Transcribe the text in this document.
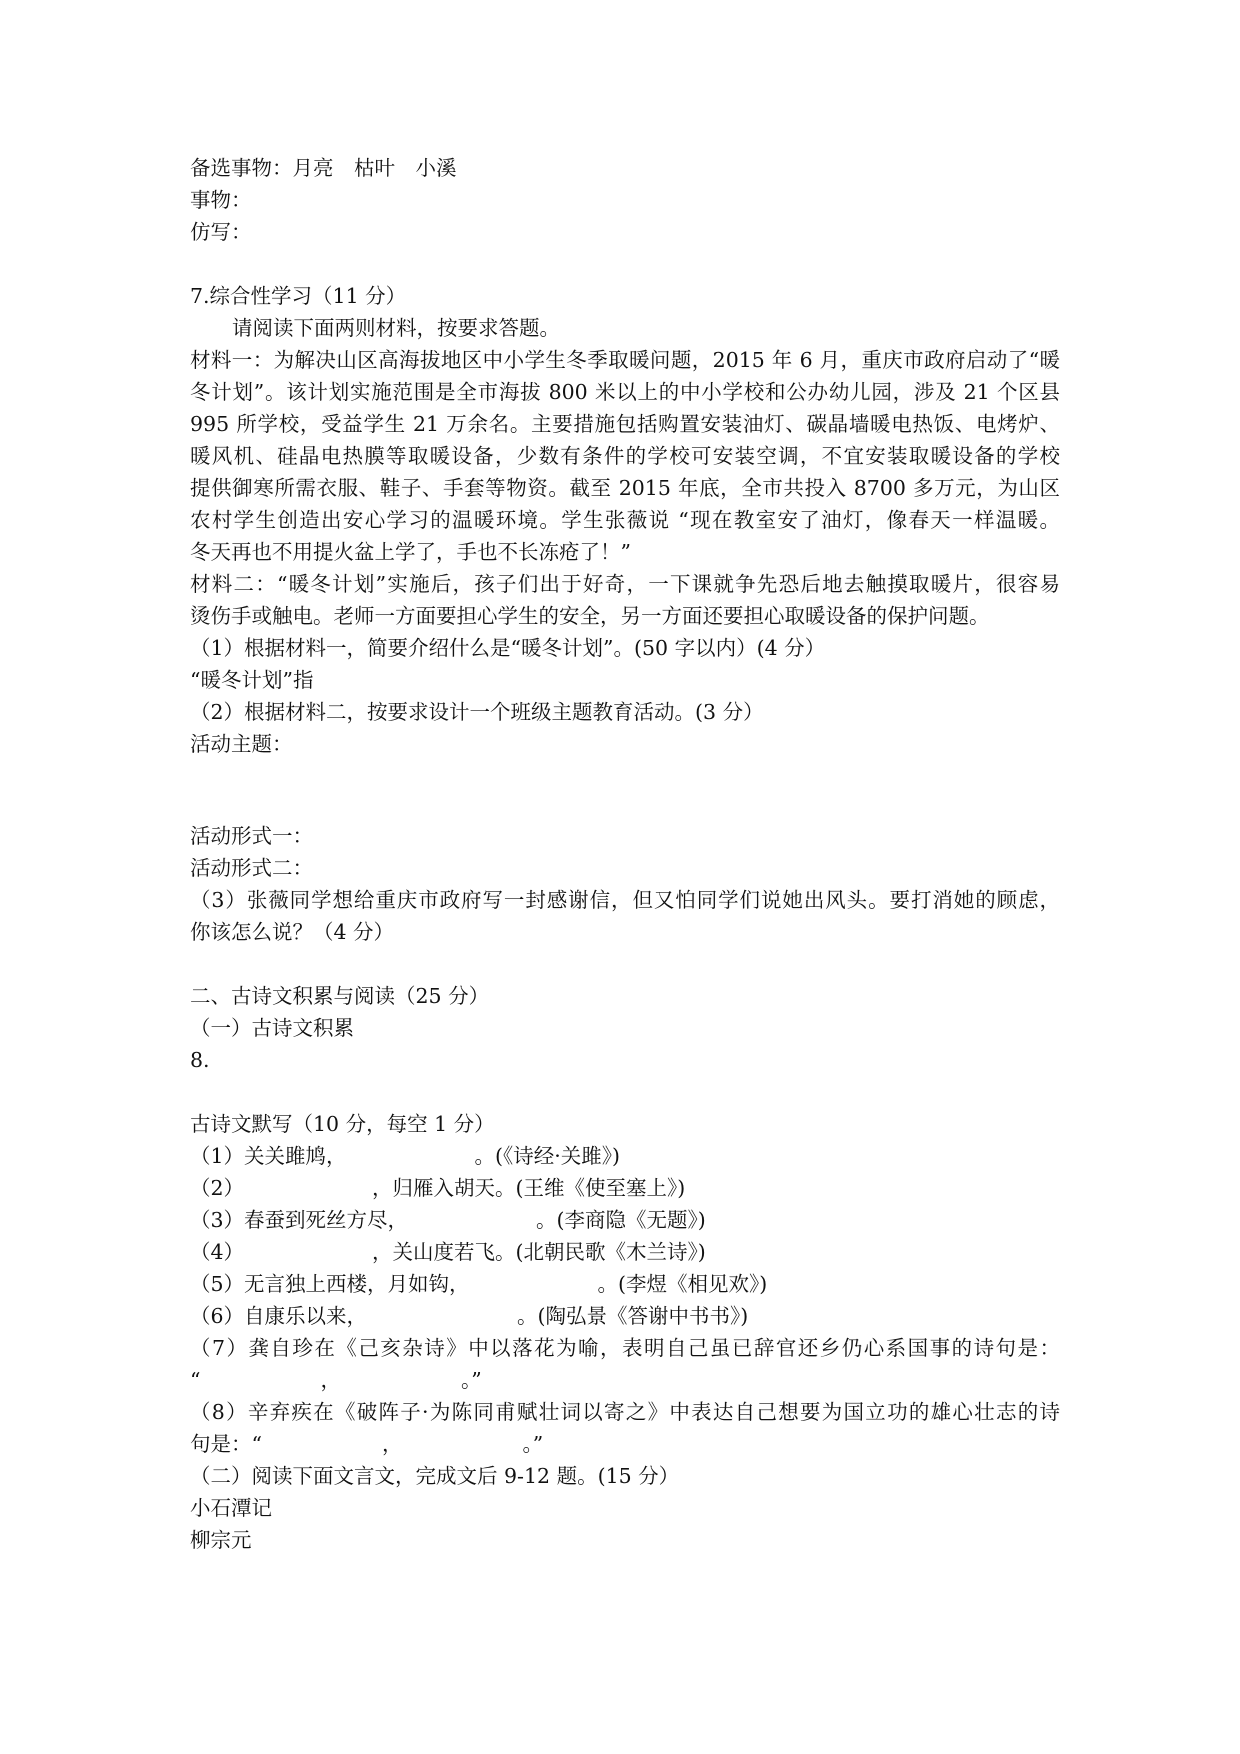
备选事物：月亮　枯叶　小溪
事物：
仿写：
7.综合性学习（11 分）
请阅读下面两则材料，按要求答题。
材料一：为解决山区高海拔地区中小学生冬季取暖问题，2015 年 6 月，重庆市政府启动了“暖
冬计划”。该计划实施范围是全市海拔 800 米以上的中小学校和公办幼儿园，涉及 21 个区县
995 所学校，受益学生 21 万余名。主要措施包括购置安装油灯、碳晶墙暖电热饭、电烤炉、
暖风机、硅晶电热膜等取暖设备，少数有条件的学校可安装空调，不宜安装取暖设备的学校
提供御寒所需衣服、鞋子、手套等物资。截至 2015 年底，全市共投入 8700 多万元，为山区
农村学生创造出安心学习的温暖环境。学生张薇说 “现在教室安了油灯，像春天一样温暖。
冬天再也不用提火盆上学了，手也不长冻疮了！”
材料二：“暖冬计划”实施后，孩子们出于好奇，一下课就争先恐后地去触摸取暖片，很容易
烫伤手或触电。老师一方面要担心学生的安全，另一方面还要担心取暖设备的保护问题。
（1）根据材料一，简要介绍什么是“暖冬计划”。(50 字以内）(4 分）
“暖冬计划”指
（2）根据材料二，按要求设计一个班级主题教育活动。(3 分）
活动主题：
活动形式一：
活动形式二：
（3）张薇同学想给重庆市政府写一封感谢信，但又怕同学们说她出风头。要打消她的顾虑，
你该怎么说？（4 分）
二、古诗文积累与阅读（25 分）
（一）古诗文积累
8.
古诗文默写（10 分，每空 1 分）
（1）关关雎鸠，	。(《诗经·关雎》)
（2）	，归雁入胡天。(王维《使至塞上》)
（3）春蚕到死丝方尽，	。(李商隐《无题》)
（4）	，关山度若飞。(北朝民歌《木兰诗》)
（5）无言独上西楼，月如钩，	。(李煜《相见欢》)
（6）自康乐以来，	。(陶弘景《答谢中书书》)
（7）龚自珍在《己亥杂诗》中以落花为喻，表明自己虽已辞官还乡仍心系国事的诗句是：
“	，	。”
（8）辛弃疾在《破阵子·为陈同甫赋壮词以寄之》中表达自己想要为国立功的雄心壮志的诗
句是：“	，	。”
（二）阅读下面文言文，完成文后 9-12 题。(15 分）
小石潭记
柳宗元
